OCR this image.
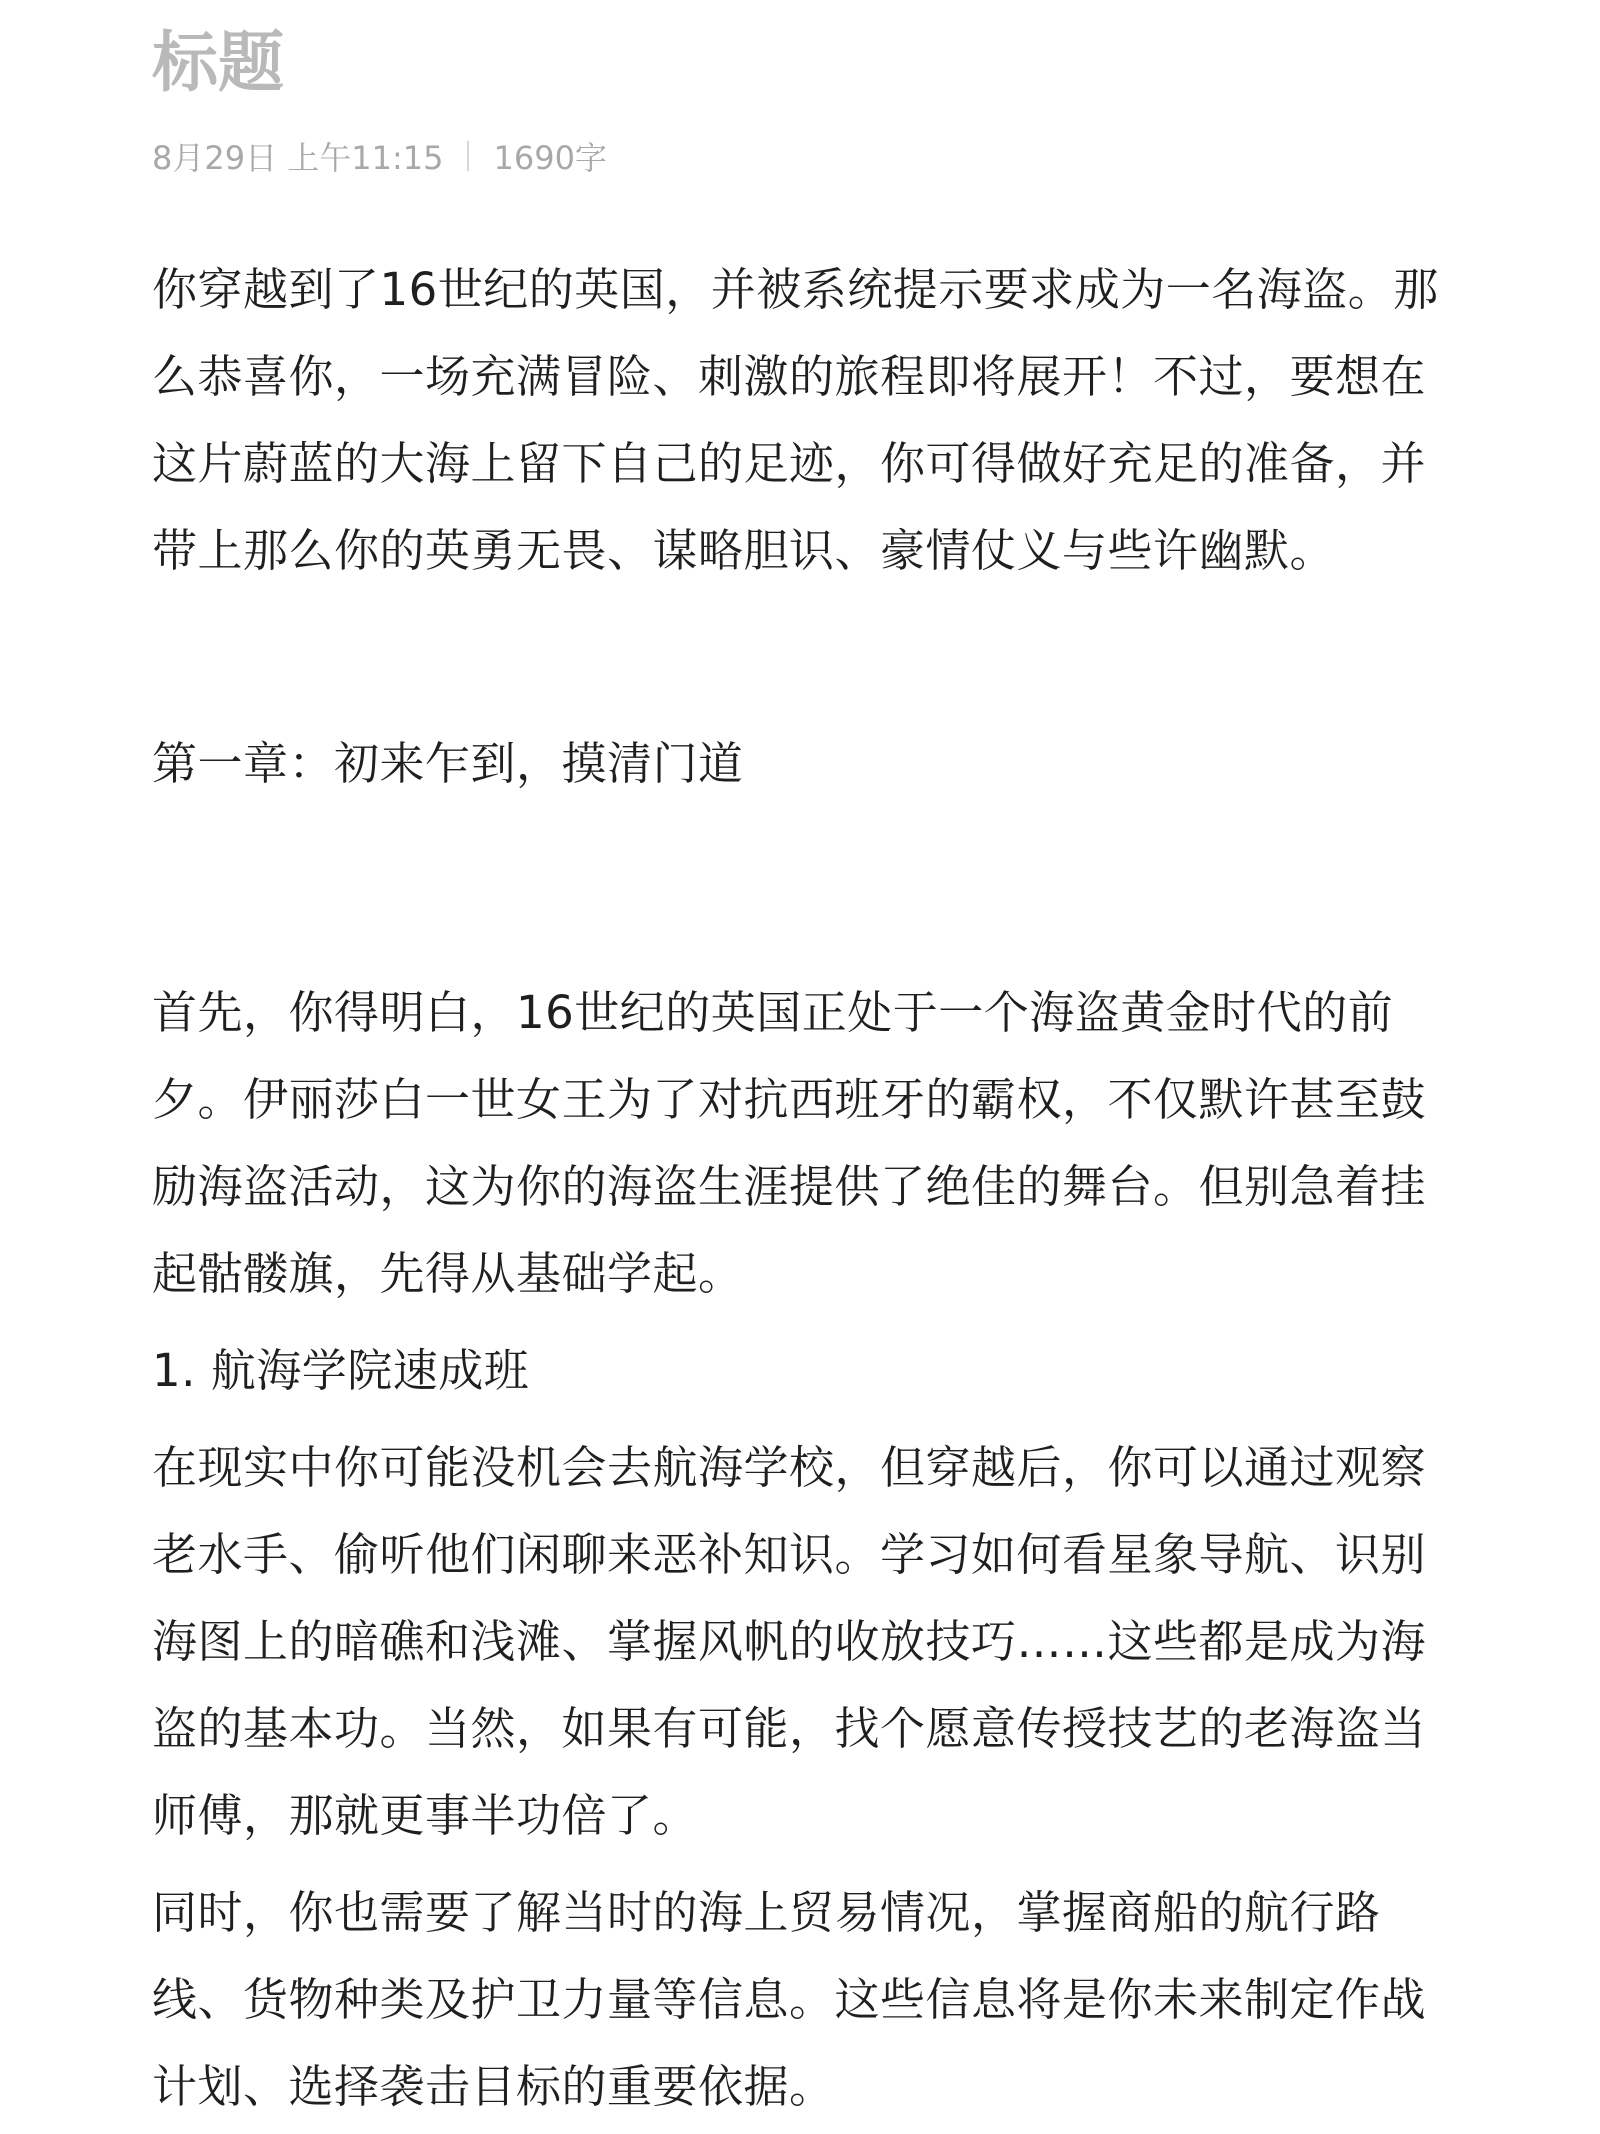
标题
8月29日 上午11:15 1690字

你穿越到了16世纪的英国，并被系统提示要求成为一名海盗。那么恭喜你，一场充满冒险、刺激的旅程即将展开！不过，要想在这片蔚蓝的大海上留下自己的足迹，你可得做好充足的准备，并带上那么你的英勇无畏、谋略胆识、豪情仗义与些许幽默。

第一章：初来乍到，摸清门道

首先，你得明白，16世纪的英国正处于一个海盗黄金时代的前夕。伊丽莎白一世女王为了对抗西班牙的霸权，不仅默许甚至鼓励海盗活动，这为你的海盗生涯提供了绝佳的舞台。但别急着挂起骷髅旗，先得从基础学起。

1. 航海学院速成班

在现实中你可能没机会去航海学校，但穿越后，你可以通过观察老水手、偷听他们闲聊来恶补知识。学习如何看星象导航、识别海图上的暗礁和浅滩、掌握风帆的收放技巧……这些都是成为海盗的基本功。当然，如果有可能，找个愿意传授技艺的老海盗当师傅，那就更事半功倍了。

同时，你也需要了解当时的海上贸易情况，掌握商船的航行路线、货物种类及护卫力量等信息。这些信息将是你未来制定作战计划、选择袭击目标的重要依据。
